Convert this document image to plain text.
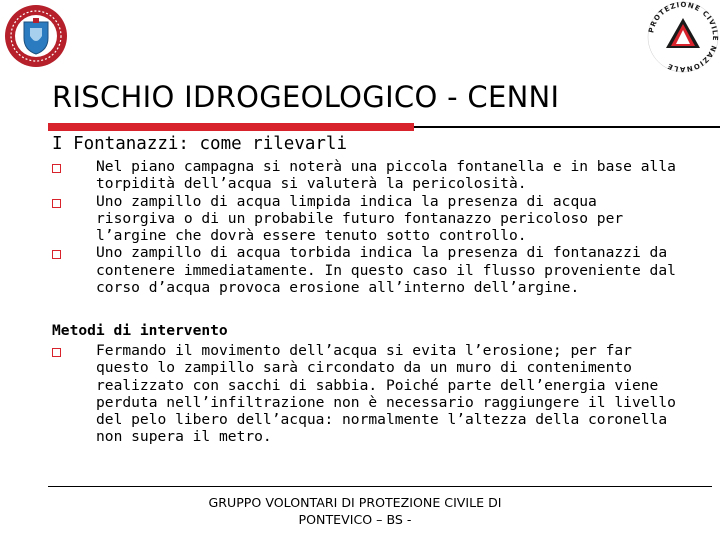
PROTEZIONE CIVILE NAZIONALE
RISCHIO IDROGEOLOGICO - CENNI
I Fontanazzi: come rilevarli
Nel piano campagna si noterà una piccola fontanella e in base alla torpidità dell’acqua si valuterà la pericolosità.
Uno zampillo di acqua limpida indica la presenza di acqua risorgiva o di un probabile futuro fontanazzo pericoloso per l’argine che dovrà essere tenuto sotto controllo.
Uno zampillo di acqua torbida indica la presenza di fontanazzi da contenere immediatamente. In questo caso il flusso proveniente dal corso d’acqua provoca erosione all’interno dell’argine.
Metodi di intervento
Fermando il movimento dell’acqua si evita l’erosione; per far questo lo zampillo sarà circondato da un muro di contenimento realizzato con sacchi di sabbia. Poiché parte dell’energia viene perduta nell’infiltrazione non è necessario raggiungere il livello del pelo libero dell’acqua: normalmente l’altezza della coronella non supera il metro.
GRUPPO VOLONTARI DI PROTEZIONE CIVILE DI
PONTEVICO – BS -
